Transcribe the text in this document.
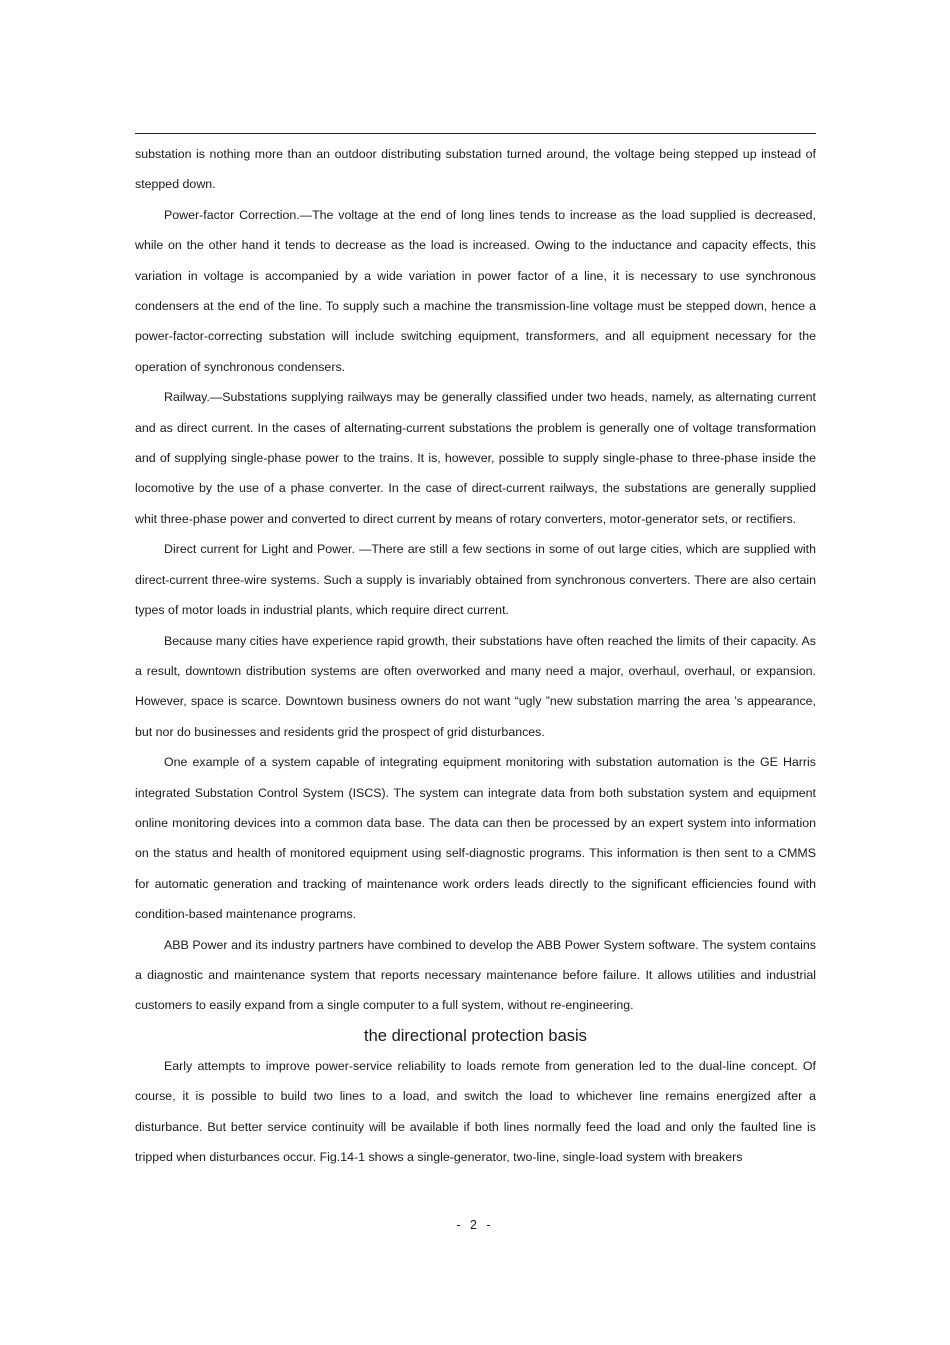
substation is nothing more than an outdoor distributing substation turned around, the voltage being stepped up instead of stepped down.

Power-factor Correction.—The voltage at the end of long lines tends to increase as the load supplied is decreased, while on the other hand it tends to decrease as the load is increased. Owing to the inductance and capacity effects, this variation in voltage is accompanied by a wide variation in power factor of a line, it is necessary to use synchronous condensers at the end of the line. To supply such a machine the transmission-line voltage must be stepped down, hence a power-factor-correcting substation will include switching equipment, transformers, and all equipment necessary for the operation of synchronous condensers.

Railway.—Substations supplying railways may be generally classified under two heads, namely, as alternating current and as direct current. In the cases of alternating-current substations the problem is generally one of voltage transformation and of supplying single-phase power to the trains. It is, however, possible to supply single-phase to three-phase inside the locomotive by the use of a phase converter. In the case of direct-current railways, the substations are generally supplied whit three-phase power and converted to direct current by means of rotary converters, motor-generator sets, or rectifiers.

Direct current for Light and Power. —There are still a few sections in some of out large cities, which are supplied with direct-current three-wire systems. Such a supply is invariably obtained from synchronous converters. There are also certain types of motor loads in industrial plants, which require direct current.

Because many cities have experience rapid growth, their substations have often reached the limits of their capacity. As a result, downtown distribution systems are often overworked and many need a major, overhaul, overhaul, or expansion. However, space is scarce. Downtown business owners do not want “ugly ”new substation marring the area ’s appearance, but nor do businesses and residents grid the prospect of grid disturbances.

One example of a system capable of integrating equipment monitoring with substation automation is the GE Harris integrated Substation Control System (ISCS). The system can integrate data from both substation system and equipment online monitoring devices into a common data base. The data can then be processed by an expert system into information on the status and health of monitored equipment using self-diagnostic programs. This information is then sent to a CMMS for automatic generation and tracking of maintenance work orders leads directly to the significant efficiencies found with condition-based maintenance programs.

ABB Power and its industry partners have combined to develop the ABB Power System software. The system contains a diagnostic and maintenance system that reports necessary maintenance before failure. It allows utilities and industrial customers to easily expand from a single computer to a full system, without re-engineering.

the directional protection basis

Early attempts to improve power-service reliability to loads remote from generation led to the dual-line concept. Of course, it is possible to build two lines to a load, and switch the load to whichever line remains energized after a disturbance. But better service continuity will be available if both lines normally feed the load and only the faulted line is tripped when disturbances occur. Fig.14-1 shows a single-generator, two-line, single-load system with breakers

- 2 -
